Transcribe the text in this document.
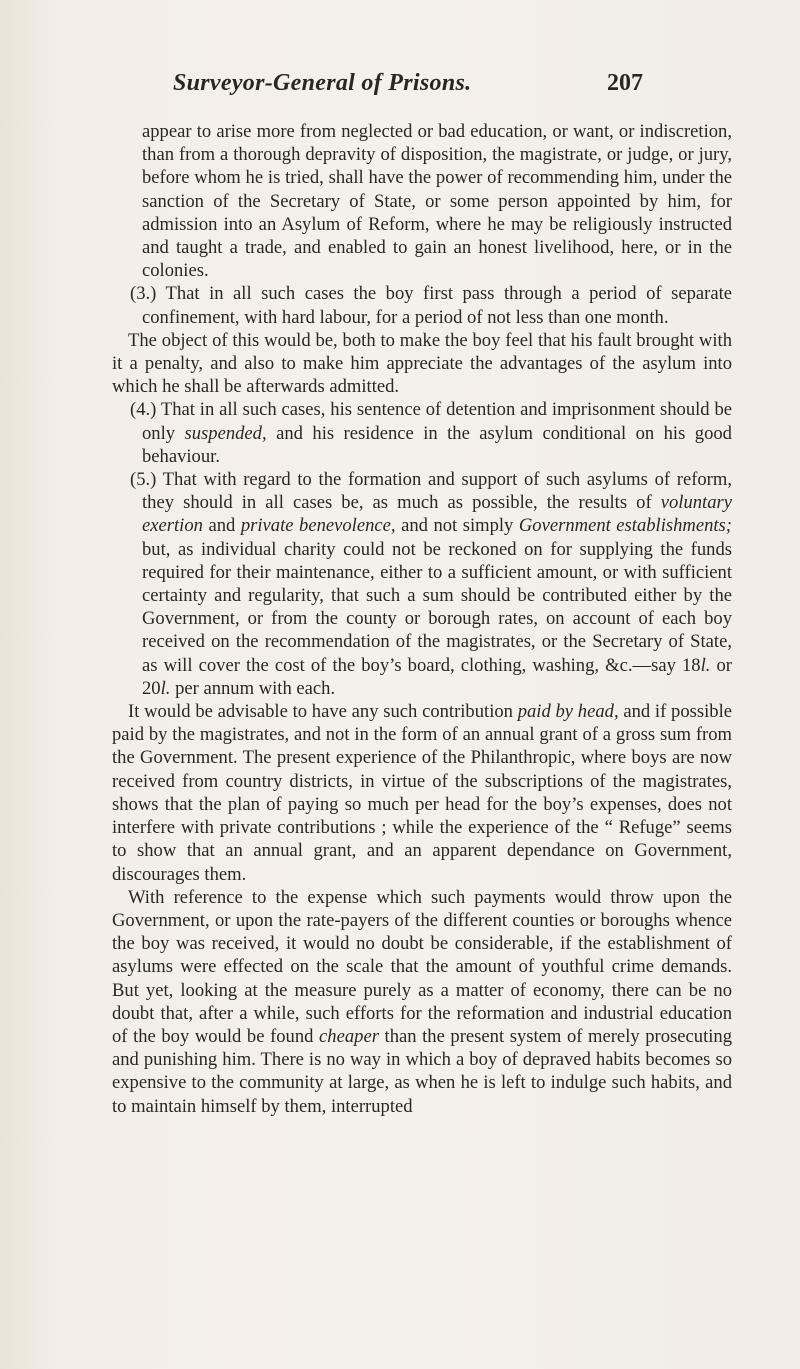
Surveyor-General of Prisons.	207

appear to arise more from neglected or bad education, or want, or indiscretion, than from a thorough depravity of disposition, the magistrate, or judge, or jury, before whom he is tried, shall have the power of recommending him, under the sanction of the Secretary of State, or some person appointed by him, for admission into an Asylum of Reform, where he may be religiously instructed and taught a trade, and enabled to gain an honest livelihood, here, or in the colonies.

(3.) That in all such cases the boy first pass through a period of separate confinement, with hard labour, for a period of not less than one month.

The object of this would be, both to make the boy feel that his fault brought with it a penalty, and also to make him appreciate the advantages of the asylum into which he shall be afterwards admitted.

(4.) That in all such cases, his sentence of detention and imprisonment should be only suspended, and his residence in the asylum conditional on his good behaviour.

(5.) That with regard to the formation and support of such asylums of reform, they should in all cases be, as much as possible, the results of voluntary exertion and private benevolence, and not simply Government establishments; but, as individual charity could not be reckoned on for supplying the funds required for their maintenance, either to a sufficient amount, or with sufficient certainty and regularity, that such a sum should be contributed either by the Government, or from the county or borough rates, on account of each boy received on the recommendation of the magistrates, or the Secretary of State, as will cover the cost of the boy’s board, clothing, washing, &c.—say 18l. or 20l. per annum with each.

It would be advisable to have any such contribution paid by head, and if possible paid by the magistrates, and not in the form of an annual grant of a gross sum from the Government. The present experience of the Philanthropic, where boys are now received from country districts, in virtue of the subscriptions of the magistrates, shows that the plan of paying so much per head for the boy’s expenses, does not interfere with private contributions ; while the experience of the “ Refuge” seems to show that an annual grant, and an apparent dependance on Government, discourages them.

With reference to the expense which such payments would throw upon the Government, or upon the rate-payers of the different counties or boroughs whence the boy was received, it would no doubt be considerable, if the establishment of asylums were effected on the scale that the amount of youthful crime demands. But yet, looking at the measure purely as a matter of economy, there can be no doubt that, after a while, such efforts for the reformation and industrial education of the boy would be found cheaper than the present system of merely prosecuting and punishing him. There is no way in which a boy of depraved habits becomes so expensive to the community at large, as when he is left to indulge such habits, and to maintain himself by them, interrupted
